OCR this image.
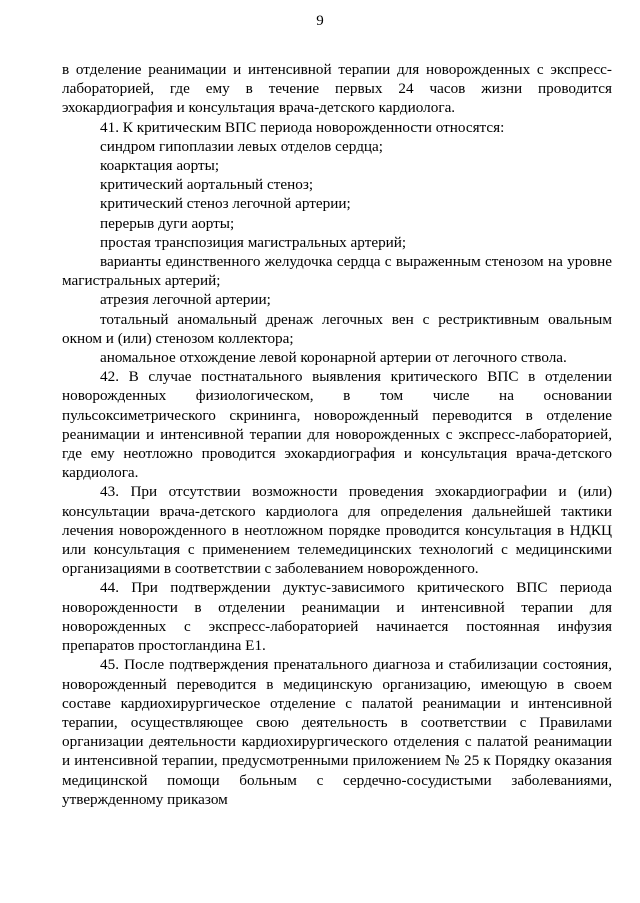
9

в отделение реанимации и интенсивной терапии для новорожденных с экспресс-лабораторией, где ему в течение первых 24 часов жизни проводится эхокардиография и консультация врача-детского кардиолога.

41. К критическим ВПС периода новорожденности относятся:

синдром гипоплазии левых отделов сердца;

коарктация аорты;

критический аортальный стеноз;

критический стеноз легочной артерии;

перерыв дуги аорты;

простая транспозиция магистральных артерий;

варианты единственного желудочка сердца с выраженным стенозом на уровне магистральных артерий;

атрезия легочной артерии;

тотальный аномальный дренаж легочных вен с рестриктивным овальным окном и (или) стенозом коллектора;

аномальное отхождение левой коронарной артерии от легочного ствола.

42. В случае постнатального выявления критического ВПС в отделении новорожденных физиологическом, в том числе на основании пульсоксиметрического скрининга, новорожденный переводится в отделение реанимации и интенсивной терапии для новорожденных с экспресс-лабораторией, где ему неотложно проводится эхокардиография и консультация врача-детского кардиолога.

43. При отсутствии возможности проведения эхокардиографии и (или) консультации врача-детского кардиолога для определения дальнейшей тактики лечения новорожденного в неотложном порядке проводится консультация в НДКЦ или консультация с применением телемедицинских технологий с медицинскими организациями в соответствии с заболеванием новорожденного.

44. При подтверждении дуктус-зависимого критического ВПС периода новорожденности в отделении реанимации и интенсивной терапии для новорожденных с экспресс-лабораторией начинается постоянная инфузия препаратов простогландина Е1.

45. После подтверждения пренатального диагноза и стабилизации состояния, новорожденный переводится в медицинскую организацию, имеющую в своем составе кардиохирургическое отделение с палатой реанимации и интенсивной терапии, осуществляющее свою деятельность в соответствии с Правилами организации деятельности кардиохирургического отделения с палатой реанимации и интенсивной терапии, предусмотренными приложением № 25 к Порядку оказания медицинской помощи больным с сердечно-сосудистыми заболеваниями, утвержденному приказом
